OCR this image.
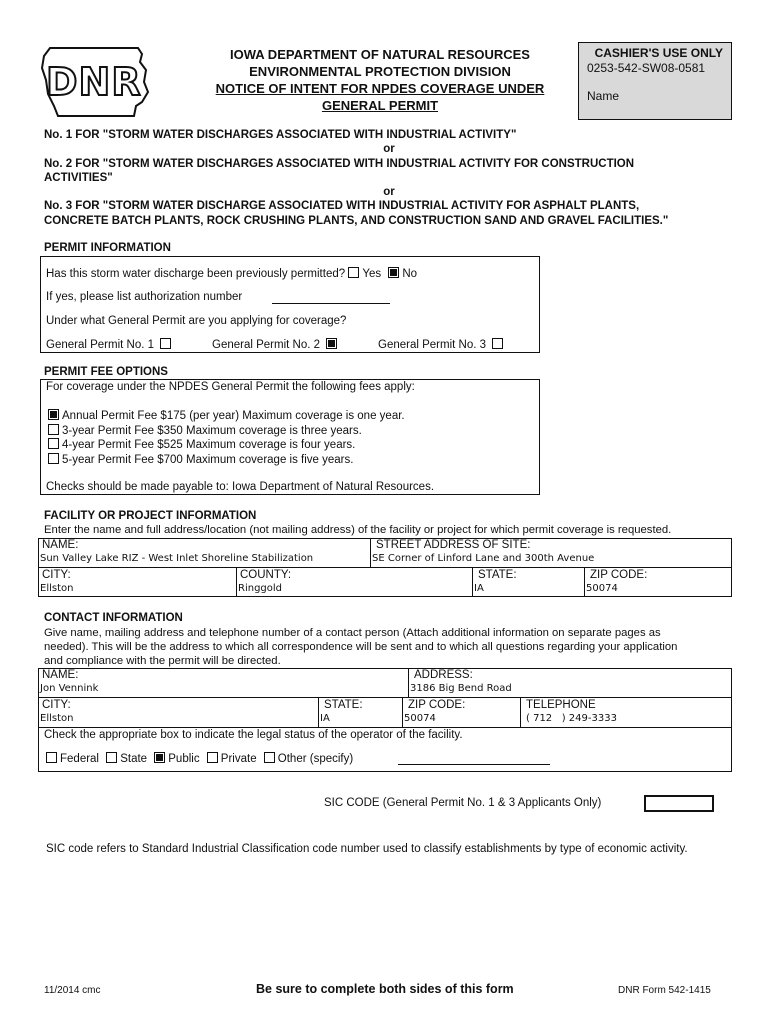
DNR
IOWA DEPARTMENT OF NATURAL RESOURCES
ENVIRONMENTAL PROTECTION DIVISION
NOTICE OF INTENT FOR NPDES COVERAGE UNDER
GENERAL PERMIT
CASHIER'S USE ONLY
0253-542-SW08-0581
Name
No. 1 FOR "STORM WATER DISCHARGES ASSOCIATED WITH INDUSTRIAL ACTIVITY"
or
No. 2 FOR "STORM WATER DISCHARGES ASSOCIATED WITH INDUSTRIAL ACTIVITY FOR CONSTRUCTION
ACTIVITIES"
or
No. 3 FOR "STORM WATER DISCHARGE ASSOCIATED WITH INDUSTRIAL ACTIVITY FOR ASPHALT PLANTS,
CONCRETE BATCH PLANTS, ROCK CRUSHING PLANTS, AND CONSTRUCTION SAND AND GRAVEL FACILITIES."
PERMIT INFORMATION
Has this storm water discharge been previously permitted? Yes No
If yes, please list authorization number
Under what General Permit are you applying for coverage?
General Permit No. 1	General Permit No. 2	General Permit No. 3
PERMIT FEE OPTIONS
For coverage under the NPDES General Permit the following fees apply:
Annual Permit Fee $175 (per year) Maximum coverage is one year.
3-year Permit Fee $350 Maximum coverage is three years.
4-year Permit Fee $525 Maximum coverage is four years.
5-year Permit Fee $700 Maximum coverage is five years.
Checks should be made payable to: Iowa Department of Natural Resources.
FACILITY OR PROJECT INFORMATION
Enter the name and full address/location (not mailing address) of the facility or project for which permit coverage is requested.
NAME:
Sun Valley Lake RIZ - West Inlet Shoreline Stabilization
STREET ADDRESS OF SITE:
SE Corner of Linford Lane and 300th Avenue
CITY:
Ellston
COUNTY:
Ringgold
STATE:
IA
ZIP CODE:
50074
CONTACT INFORMATION
Give name, mailing address and telephone number of a contact person (Attach additional information on separate pages as
needed). This will be the address to which all correspondence will be sent and to which all questions regarding your application
and compliance with the permit will be directed.
NAME:
Jon Vennink
ADDRESS:
3186 Big Bend Road
CITY:
Ellston
STATE:
IA
ZIP CODE:
50074
TELEPHONE
( 712 ) 249-3333
Check the appropriate box to indicate the legal status of the operator of the facility.
Federal State Public Private Other (specify)
SIC CODE (General Permit No. 1 & 3 Applicants Only)
SIC code refers to Standard Industrial Classification code number used to classify establishments by type of economic activity.
11/2014 cmc	Be sure to complete both sides of this form	DNR Form 542-1415
